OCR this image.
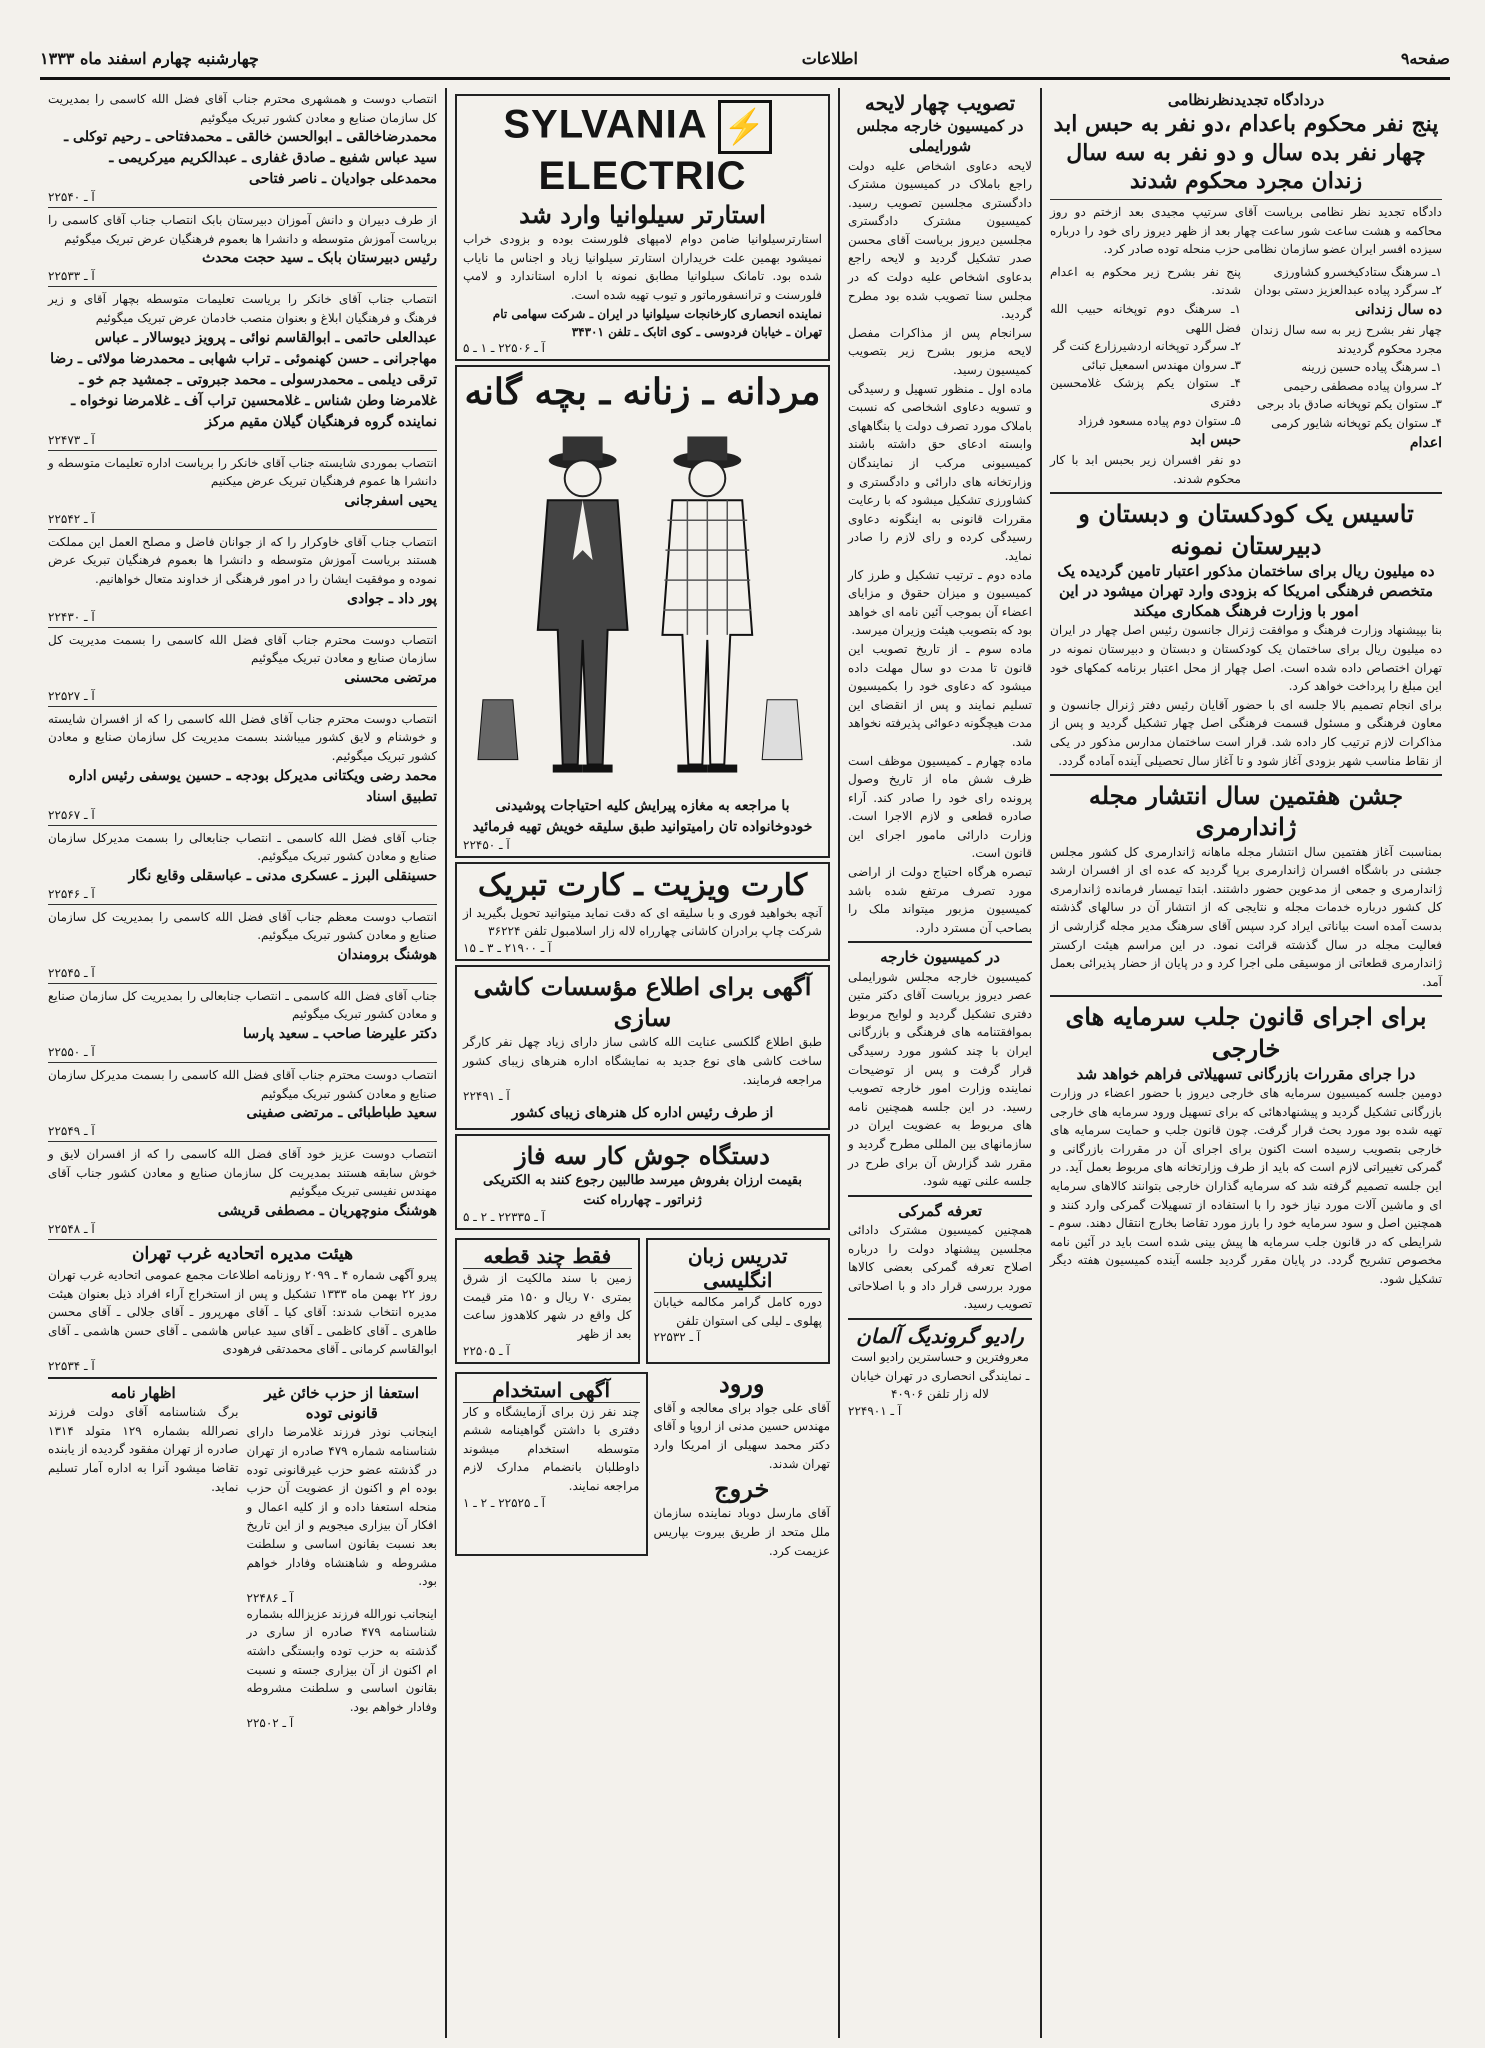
صفحه۹
اطلاعات
چهارشنبه چهارم اسفند ماه ۱۳۳۳
دردادگاه تجدیدنظرنظامی
پنج نفر محکوم باعدام ،دو نفر به حبس ابد چهار نفر بده سال و دو نفر به سه سال زندان مجرد محکوم شدند
دادگاه تجدید نظر نظامی بریاست آقای سرتیپ مجیدی بعد ازختم دو روز محاکمه و هشت ساعت شور ساعت چهار بعد از ظهر دیروز رای خود را درباره سیزده افسر ایران عضو سازمان نظامی حزب منحله توده صادر کرد.
۱ـ سرهنگ ستادکیخسرو کشاورزی
۲ـ سرگرد پیاده عبدالعزیز دستی بودان
ده سال زندانی
چهار نفر بشرح زیر به سه سال زندان مجرد محکوم گردیدند
۱ـ سرهنگ پیاده حسین زرینه
۲ـ سروان پیاده مصطفی رحیمی
۳ـ ستوان یکم توپخانه صادق باد برجی
۴ـ ستوان یکم توپخانه شایور کرمی
اعدام
پنج نفر بشرح زیر محکوم به اعدام شدند.
۱ـ سرهنگ دوم توپخانه حبیب الله فضل اللهی
۲ـ سرگرد توپخانه اردشیرزارع کنت گر
۳ـ سروان مهندس اسمعیل تبائی
۴ـ ستوان یکم پزشک غلامحسین دفتری
۵ـ ستوان دوم پیاده مسعود فرزاد
حبس ابد
دو نفر افسران زیر بحبس ابد با کار محکوم شدند.
تاسیس یک کودکستان و دبستان و دبیرستان نمونه
ده میلیون ریال برای ساختمان مذکور اعتبار تامین گردیده یک متخصص فرهنگی امریکا که بزودی وارد تهران میشود در این امور با وزارت فرهنگ همکاری میکند
بنا بپیشنهاد وزارت فرهنگ و موافقت ژنرال جانسون رئیس اصل چهار در ایران ده میلیون ریال برای ساختمان یک کودکستان و دبستان و دبیرستان نمونه در تهران اختصاص داده شده است. اصل چهار از محل اعتبار برنامه کمکهای خود این مبلغ را پرداخت خواهد کرد.
برای انجام تصمیم بالا جلسه ای با حضور آقایان رئیس دفتر ژنرال جانسون و معاون فرهنگی و مسئول قسمت فرهنگی اصل چهار تشکیل گردید و پس از مذاکرات لازم ترتیب کار داده شد. قرار است ساختمان مدارس مذکور در یکی از نقاط مناسب شهر بزودی آغاز شود و تا آغاز سال تحصیلی آینده آماده گردد.
جشن هفتمین سال انتشار مجله ژاندارمری
بمناسبت آغاز هفتمین سال انتشار مجله ماهانه ژاندارمری کل کشور مجلس جشنی در باشگاه افسران ژاندارمری برپا گردید که عده ای از افسران ارشد ژاندارمری و جمعی از مدعوین حضور داشتند. ابتدا تیمسار فرمانده ژاندارمری کل کشور درباره خدمات مجله و نتایجی که از انتشار آن در سالهای گذشته بدست آمده است بیاناتی ایراد کرد سپس آقای سرهنگ مدیر مجله گزارشی از فعالیت مجله در سال گذشته قرائت نمود. در این مراسم هیئت ارکستر ژاندارمری قطعاتی از موسیقی ملی اجرا کرد و در پایان از حضار پذیرائی بعمل آمد.
برای اجرای قانون جلب سرمایه های خارجی
درا جرای مقررات بازرگانی تسهیلاتی فراهم خواهد شد
دومین جلسه کمیسیون سرمایه های خارجی دیروز با حضور اعضاء در وزارت بازرگانی تشکیل گردید و پیشنهادهائی که برای تسهیل ورود سرمایه های خارجی تهیه شده بود مورد بحث قرار گرفت. چون قانون جلب و حمایت سرمایه های خارجی بتصویب رسیده است اکنون برای اجرای آن در مقررات بازرگانی و گمرکی تغییراتی لازم است که باید از طرف وزارتخانه های مربوط بعمل آید. در این جلسه تصمیم گرفته شد که سرمایه گذاران خارجی بتوانند کالاهای سرمایه ای و ماشین آلات مورد نیاز خود را با استفاده از تسهیلات گمرکی وارد کنند و همچنین اصل و سود سرمایه خود را بارز مورد تقاضا بخارج انتقال دهند. سوم ـ شرایطی که در قانون جلب سرمایه ها پیش بینی شده است باید در آئین نامه مخصوص تشریح گردد. در پایان مقرر گردید جلسه آینده کمیسیون هفته دیگر تشکیل شود.
تصویب چهار لایحه
در کمیسیون خارجه مجلس شورایملی
لایحه دعاوی اشخاص علیه دولت راجع باملاک در کمیسیون مشترک دادگستری مجلسین تصویب رسید. کمیسیون مشترک دادگستری مجلسین دیروز بریاست آقای محسن صدر تشکیل گردید و لایحه راجع بدعاوی اشخاص علیه دولت که در مجلس سنا تصویب شده بود مطرح گردید.
سرانجام پس از مذاکرات مفصل لایحه مزبور بشرح زیر بتصویب کمیسیون رسید.
ماده اول ـ منظور تسهیل و رسیدگی و تسویه دعاوی اشخاصی که نسبت باملاک مورد تصرف دولت یا بنگاههای وابسته ادعای حق داشته باشند کمیسیونی مرکب از نمایندگان وزارتخانه های دارائی و دادگستری و کشاورزی تشکیل میشود که با رعایت مقررات قانونی به اینگونه دعاوی رسیدگی کرده و رای لازم را صادر نماید.
ماده دوم ـ ترتیب تشکیل و طرز کار کمیسیون و میزان حقوق و مزایای اعضاء آن بموجب آئین نامه ای خواهد بود که بتصویب هیئت وزیران میرسد.
ماده سوم ـ از تاریخ تصویب این قانون تا مدت دو سال مهلت داده میشود که دعاوی خود را بکمیسیون تسلیم نمایند و پس از انقضای این مدت هیچگونه دعوائی پذیرفته نخواهد شد.
ماده چهارم ـ کمیسیون موظف است ظرف شش ماه از تاریخ وصول پرونده رای خود را صادر کند. آراء صادره قطعی و لازم الاجرا است. وزارت دارائی مامور اجرای این قانون است.
تبصره هرگاه احتیاج دولت از اراضی مورد تصرف مرتفع شده باشد کمیسیون مزبور میتواند ملک را بصاحب آن مسترد دارد.
در کمیسیون خارجه
کمیسیون خارجه مجلس شورایملی عصر دیروز بریاست آقای دکتر متین دفتری تشکیل گردید و لوایح مربوط بموافقتنامه های فرهنگی و بازرگانی ایران با چند کشور مورد رسیدگی قرار گرفت و پس از توضیحات نماینده وزارت امور خارجه تصویب رسید. در این جلسه همچنین نامه های مربوط به عضویت ایران در سازمانهای بین المللی مطرح گردید و مقرر شد گزارش آن برای طرح در جلسه علنی تهیه شود.
تعرفه گمرکی
همچنین کمیسیون مشترک دادائی مجلسین پیشنهاد دولت را درباره اصلاح تعرفه گمرکی بعضی کالاها مورد بررسی قرار داد و با اصلاحاتی تصویب رسید.
رادیو گروندیگ آلمان
معروفترین و حساسترین رادیو است ـ نمایندگی انحصاری در تهران خیابان لاله زار تلفن ۴۰۹۰۶
آ ـ ۲۲۴۹۰۱
SYLVANIA ⚡ELECTRIC
استارتر سیلوانیا وارد شد
استارترسیلوانیا ضامن دوام لامپهای فلورسنت بوده و بزودی خراب نمیشود بهمین علت خریداران استارتر سیلوانیا زیاد و اجناس ما نایاب شده بود. تامانک سیلوانیا مطابق نمونه با اداره استاندارد و لامپ فلورسنت و ترانسفورماتور و تیوب تهیه شده است.
نماینده انحصاری کارخانجات سیلوانیا در ایران ـ شرکت سهامی تام تهران ـ خیابان فردوسی ـ کوی اتابک ـ تلفن ۳۴۳۰۱
آ ـ ۲۲۵۰۶ ـ ۱ ـ ۵
مردانه ـ زنانه ـ بچه گانه
با مراجعه به مغازه پیرایش کلیه احتیاجات پوشیدنی خودوخانواده تان رامیتوانید طبق سلیقه خویش تهیه فرمائید
آ ـ ۲۲۴۵۰
کارت ویزیت ـ کارت تبریک
آنچه بخواهید فوری و با سلیقه ای که دقت نماید میتوانید تحویل بگیرید از شرکت چاپ برادران کاشانی چهارراه لاله زار اسلامبول تلفن ۳۶۲۲۴
آ ـ ۲۱۹۰۰ ـ ۳ ـ ۱۵
آگهی برای اطلاع مؤسسات کاشی سازی
طبق اطلاع گلکسی عنایت الله کاشی ساز دارای زیاد چهل نفر کارگر ساخت کاشی های نوع جدید به نمایشگاه اداره هنرهای زیبای کشور مراجعه فرمایند.
آ ـ ۲۲۴۹۱
از طرف رئیس اداره کل هنرهای زیبای کشور
دستگاه جوش کار سه فاز
بقیمت ارزان بفروش میرسد طالبین رجوع کنند به الکتریکی ژنراتور ـ چهارراه کنت
آ ـ ۲۲۳۳۵ ـ ۲ ـ ۵
تدریس زبان انگلیسی
دوره کامل گرامر مکالمه خیابان پهلوی ـ لیلی کی استوان تلفن
آ ـ ۲۲۵۳۲
فقط چند قطعه
زمین با سند مالکیت از شرق بمتری ۷۰ ریال و ۱۵۰ متر قیمت کل واقع در شهر کلاهدوز ساعت بعد از ظهر
آ ـ ۲۲۵۰۵
ورود
آقای علی جواد برای معالجه و آقای مهندس حسین مدنی از اروپا و آقای دکتر محمد سهیلی از امریکا وارد تهران شدند.
خروج
آقای مارسل دوباد نماینده سازمان ملل متحد از طریق بیروت بپاریس عزیمت کرد.
آگهی استخدام
چند نفر زن برای آزمایشگاه و کار دفتری با داشتن گواهینامه ششم متوسطه استخدام میشوند داوطلبان بانضمام مدارک لازم مراجعه نمایند.
آ ـ ۲۲۵۲۵ ـ ۲ ـ ۱
انتصاب دوست و همشهری محترم جناب آقای فضل الله کاسمی را بمدیریت کل سازمان صنایع و معادن کشور تبریک میگوئیم
محمدرضاخالقی ـ ابوالحسن خالقی ـ محمدفتاحی ـ رحیم توکلی ـ سید عباس شفیع ـ صادق غفاری ـ عبدالکریم میرکریمی ـ محمدعلی جوادیان ـ ناصر فتاحی
آ ـ ۲۲۵۴۰
از طرف دبیران و دانش آموزان دبیرستان بابک انتصاب جناب آقای کاسمی را بریاست آموزش متوسطه و دانشرا ها بعموم فرهنگیان عرض تبریک میگوئیم
رئیس دبیرستان بابک ـ سید حجت محدث
آ ـ ۲۲۵۳۳
انتصاب جناب آقای خانکر را بریاست تعلیمات متوسطه بچهار آقای و زیر فرهنگ و فرهنگیان ابلاغ و بعنوان منصب خادمان عرض تبریک میگوئیم
عبدالعلی حاتمی ـ ابوالقاسم نوائی ـ پرویز دیوسالار ـ عباس مهاجرانی ـ حسن کهنموئی ـ تراب شهابی ـ محمدرضا مولائی ـ رضا ترقی دیلمی ـ محمدرسولی ـ محمد جبروتی ـ جمشید جم خو ـ غلامرضا وطن شناس ـ غلامحسین تراب آف ـ غلامرضا نوخواه ـ نماینده گروه فرهنگیان گیلان مقیم مرکز
آ ـ ۲۲۴۷۳
انتصاب بموردی شایسته جناب آقای خانکر را بریاست اداره تعلیمات متوسطه و دانشرا ها عموم فرهنگیان تبریک عرض میکنیم
یحیی اسفرجانی
آ ـ ۲۲۵۴۲
انتصاب جناب آقای خاوکرار را که از جوانان فاضل و مصلح العمل این مملکت هستند بریاست آموزش متوسطه و دانشرا ها بعموم فرهنگیان تبریک عرض نموده و موفقیت ایشان را در امور فرهنگی از خداوند متعال خواهانیم.
پور داد ـ جوادی
آ ـ ۲۲۴۳۰
انتصاب دوست محترم جناب آقای فضل الله کاسمی را بسمت مدیریت کل سازمان صنایع و معادن تبریک میگوئیم
مرتضی محسنی
آ ـ ۲۲۵۲۷
انتصاب دوست محترم جناب آقای فضل الله کاسمی را که از افسران شایسته و خوشنام و لایق کشور میباشند بسمت مدیریت کل سازمان صنایع و معادن کشور تبریک میگوئیم.
محمد رضی ویکتانی مدیرکل بودجه ـ حسین یوسفی رئیس اداره تطبیق اسناد
آ ـ ۲۲۵۶۷
جناب آقای فضل الله کاسمی ـ انتصاب جنابعالی را بسمت مدیرکل سازمان صنایع و معادن کشور تبریک میگوئیم.
حسینقلی البرز ـ عسکری مدنی ـ عباسقلی وقایع نگار
آ ـ ۲۲۵۴۶
انتصاب دوست معظم جناب آقای فضل الله کاسمی را بمدیریت کل سازمان صنایع و معادن کشور تبریک میگوئیم.
هوشنگ برومندان
آ ـ ۲۲۵۴۵
جناب آقای فضل الله کاسمی ـ انتصاب جنابعالی را بمدیریت کل سازمان صنایع و معادن کشور تبریک میگوئیم
دکتر علیرضا صاحب ـ سعید پارسا
آ ـ ۲۲۵۵۰
انتصاب دوست محترم جناب آقای فضل الله کاسمی را بسمت مدیرکل سازمان صنایع و معادن کشور تبریک میگوئیم
سعید طباطبائی ـ مرتضی صفینی
آ ـ ۲۲۵۴۹
انتصاب دوست عزیز خود آقای فضل الله کاسمی را که از افسران لایق و خوش سابقه هستند بمدیریت کل سازمان صنایع و معادن کشور جناب آقای مهندس نفیسی تبریک میگوئیم
هوشنگ منوچهریان ـ مصطفی قریشی
آ ـ ۲۲۵۴۸
هیئت مدیره اتحادیه غرب تهران
پیرو آگهی شماره ۴ ـ ۲۰۹۹ روزنامه اطلاعات مجمع عمومی اتحادیه غرب تهران روز ۲۲ بهمن ماه ۱۳۳۳ تشکیل و پس از استخراج آراء افراد ذیل بعنوان هیئت مدیره انتخاب شدند: آقای کیا ـ آقای مهرپرور ـ آقای جلالی ـ آقای محسن طاهری ـ آقای کاظمی ـ آقای سید عباس هاشمی ـ آقای حسن هاشمی ـ آقای ابوالقاسم کرمانی ـ آقای محمدتقی فرهودی
آ ـ ۲۲۵۳۴
استعفا از حزب خائن غیر قانونی توده
اینجانب نوذر فرزند غلامرضا دارای شناسنامه شماره ۴۷۹ صادره از تهران در گذشته عضو حزب غیرقانونی توده بوده ام و اکنون از عضویت آن حزب منحله استعفا داده و از کلیه اعمال و افکار آن بیزاری میجویم و از این تاریخ بعد نسبت بقانون اساسی و سلطنت مشروطه و شاهنشاه وفادار خواهم بود.
آ ـ ۲۲۴۸۶
اینجانب نورالله فرزند عزیزالله بشماره شناسنامه ۴۷۹ صادره از ساری در گذشته به حزب توده وابستگی داشته ام اکنون از آن بیزاری جسته و نسبت بقانون اساسی و سلطنت مشروطه وفادار خواهم بود.
آ ـ ۲۲۵۰۲
اظهار نامه
برگ شناسنامه آقای دولت فرزند نصرالله بشماره ۱۲۹ متولد ۱۳۱۴ صادره از تهران مفقود گردیده از یابنده تقاضا میشود آنرا به اداره آمار تسلیم نماید.
